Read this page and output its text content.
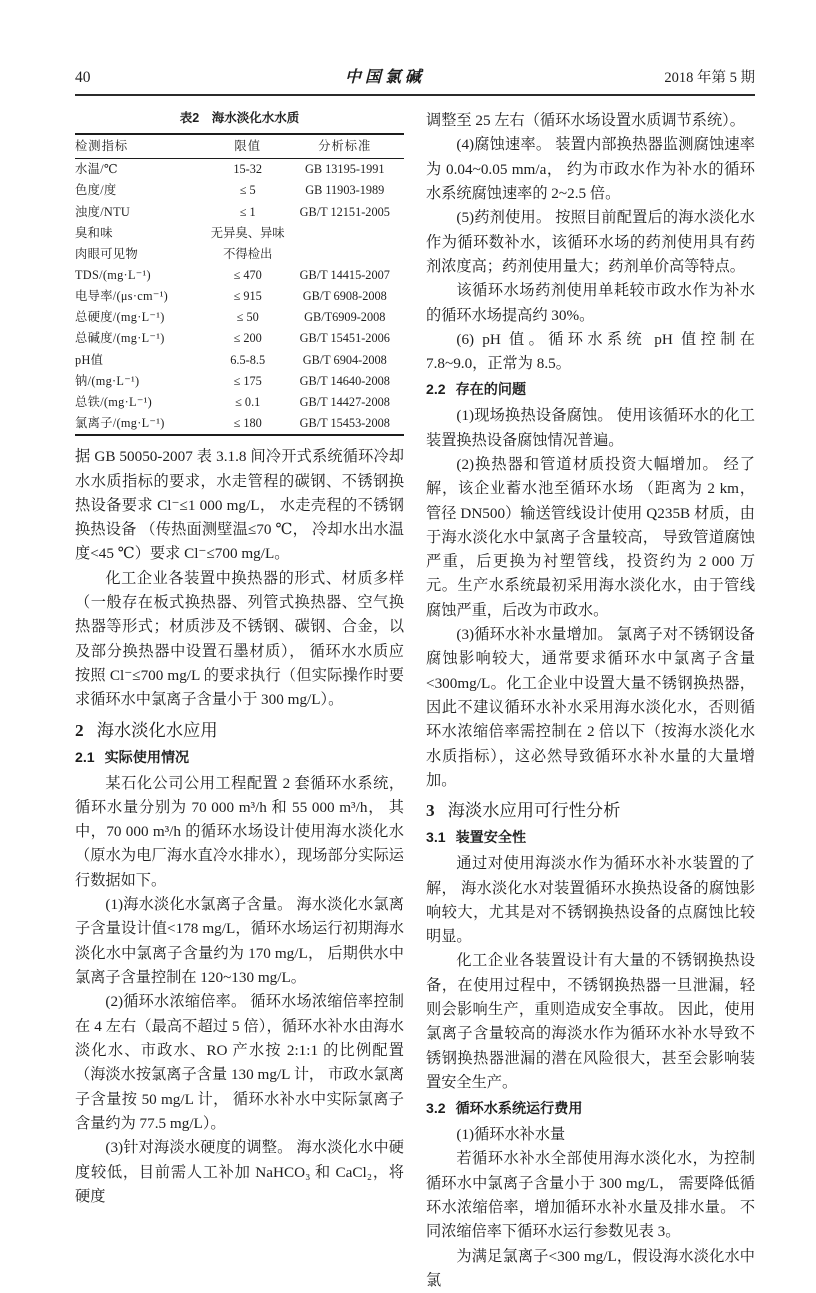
40	中国氯碱	2018 年第 5 期
表2　海水淡化水水质
检测指标	限值	分析标准
水温/℃	15-32	GB 13195-1991
色度/度	≤ 5	GB 11903-1989
浊度/NTU	≤ 1	GB/T 12151-2005
臭和味	无异臭、异味	
肉眼可见物	不得检出	
TDS/(mg·L⁻¹)	≤ 470	GB/T 14415-2007
电导率/(μs·cm⁻¹)	≤ 915	GB/T 6908-2008
总硬度/(mg·L⁻¹)	≤ 50	GB/T6909-2008
总碱度/(mg·L⁻¹)	≤ 200	GB/T 15451-2006
pH值	6.5-8.5	GB/T 6904-2008
钠/(mg·L⁻¹)	≤ 175	GB/T 14640-2008
总铁/(mg·L⁻¹)	≤ 0.1	GB/T 14427-2008
氯离子/(mg·L⁻¹)	≤ 180	GB/T 15453-2008
据 GB 50050-2007 表 3.1.8 间冷开式系统循环冷却水水质指标的要求，水走管程的碳钢、不锈钢换热设备要求 Cl⁻≤1 000 mg/L， 水走壳程的不锈钢换热设备 （传热面测壁温≤70 ℃， 冷却水出水温度<45 ℃）要求 Cl⁻≤700 mg/L。
化工企业各装置中换热器的形式、材质多样（一般存在板式换热器、列管式换热器、空气换热器等形式；材质涉及不锈钢、碳钢、合金，以及部分换热器中设置石墨材质）， 循环水水质应按照 Cl⁻≤700 mg/L 的要求执行（但实际操作时要求循环水中氯离子含量小于 300 mg/L）。
2 海水淡化水应用
2.1 实际使用情况
某石化公司公用工程配置 2 套循环水系统，循环水量分别为 70 000 m³/h 和 55 000 m³/h， 其中，70 000 m³/h 的循环水场设计使用海水淡化水（原水为电厂海水直冷水排水），现场部分实际运行数据如下。
(1)海水淡化水氯离子含量。 海水淡化水氯离子含量设计值<178 mg/L，循环水场运行初期海水淡化水中氯离子含量约为 170 mg/L， 后期供水中氯离子含量控制在 120~130 mg/L。
(2)循环水浓缩倍率。 循环水场浓缩倍率控制在 4 左右（最高不超过 5 倍），循环水补水由海水淡化水、市政水、RO 产水按 2:1:1 的比例配置（海淡水按氯离子含量 130 mg/L 计， 市政水氯离子含量按 50 mg/L 计， 循环水补水中实际氯离子含量约为 77.5 mg/L）。
(3)针对海淡水硬度的调整。 海水淡化水中硬度较低，目前需人工补加 NaHCO₃ 和 CaCl₂，将硬度
调整至 25 左右（循环水场设置水质调节系统）。
(4)腐蚀速率。 装置内部换热器监测腐蚀速率为 0.04~0.05 mm/a， 约为市政水作为补水的循环水系统腐蚀速率的 2~2.5 倍。
(5)药剂使用。 按照目前配置后的海水淡化水作为循环数补水，该循环水场的药剂使用具有药剂浓度高；药剂使用量大；药剂单价高等特点。
该循环水场药剂使用单耗较市政水作为补水的循环水场提高约 30%。
(6) pH 值。循环水系统 pH 值控制在 7.8~9.0，正常为 8.5。
2.2 存在的问题
(1)现场换热设备腐蚀。 使用该循环水的化工装置换热设备腐蚀情况普遍。
(2)换热器和管道材质投资大幅增加。 经了解，该企业蓄水池至循环水场 （距离为 2 km， 管径 DN500）输送管线设计使用 Q235B 材质，由于海水淡化水中氯离子含量较高， 导致管道腐蚀严重，后更换为衬塑管线，投资约为 2 000 万元。生产水系统最初采用海水淡化水，由于管线腐蚀严重，后改为市政水。
(3)循环水补水量增加。 氯离子对不锈钢设备腐蚀影响较大，通常要求循环水中氯离子含量<300mg/L。化工企业中设置大量不锈钢换热器，因此不建议循环水补水采用海水淡化水，否则循环水浓缩倍率需控制在 2 倍以下（按海水淡化水水质指标），这必然导致循环水补水量的大量增加。
3 海淡水应用可行性分析
3.1 装置安全性
通过对使用海淡水作为循环水补水装置的了解， 海水淡化水对装置循环水换热设备的腐蚀影响较大，尤其是对不锈钢换热设备的点腐蚀比较明显。
化工企业各装置设计有大量的不锈钢换热设备，在使用过程中，不锈钢换热器一旦泄漏，轻则会影响生产，重则造成安全事故。 因此，使用氯离子含量较高的海淡水作为循环水补水导致不锈钢换热器泄漏的潜在风险很大，甚至会影响装置安全生产。
3.2 循环水系统运行费用
(1)循环水补水量
若循环水补水全部使用海水淡化水，为控制循环水中氯离子含量小于 300 mg/L， 需要降低循环水浓缩倍率，增加循环水补水量及排水量。 不同浓缩倍率下循环水运行参数见表 3。
为满足氯离子<300 mg/L，假设海水淡化水中氯
